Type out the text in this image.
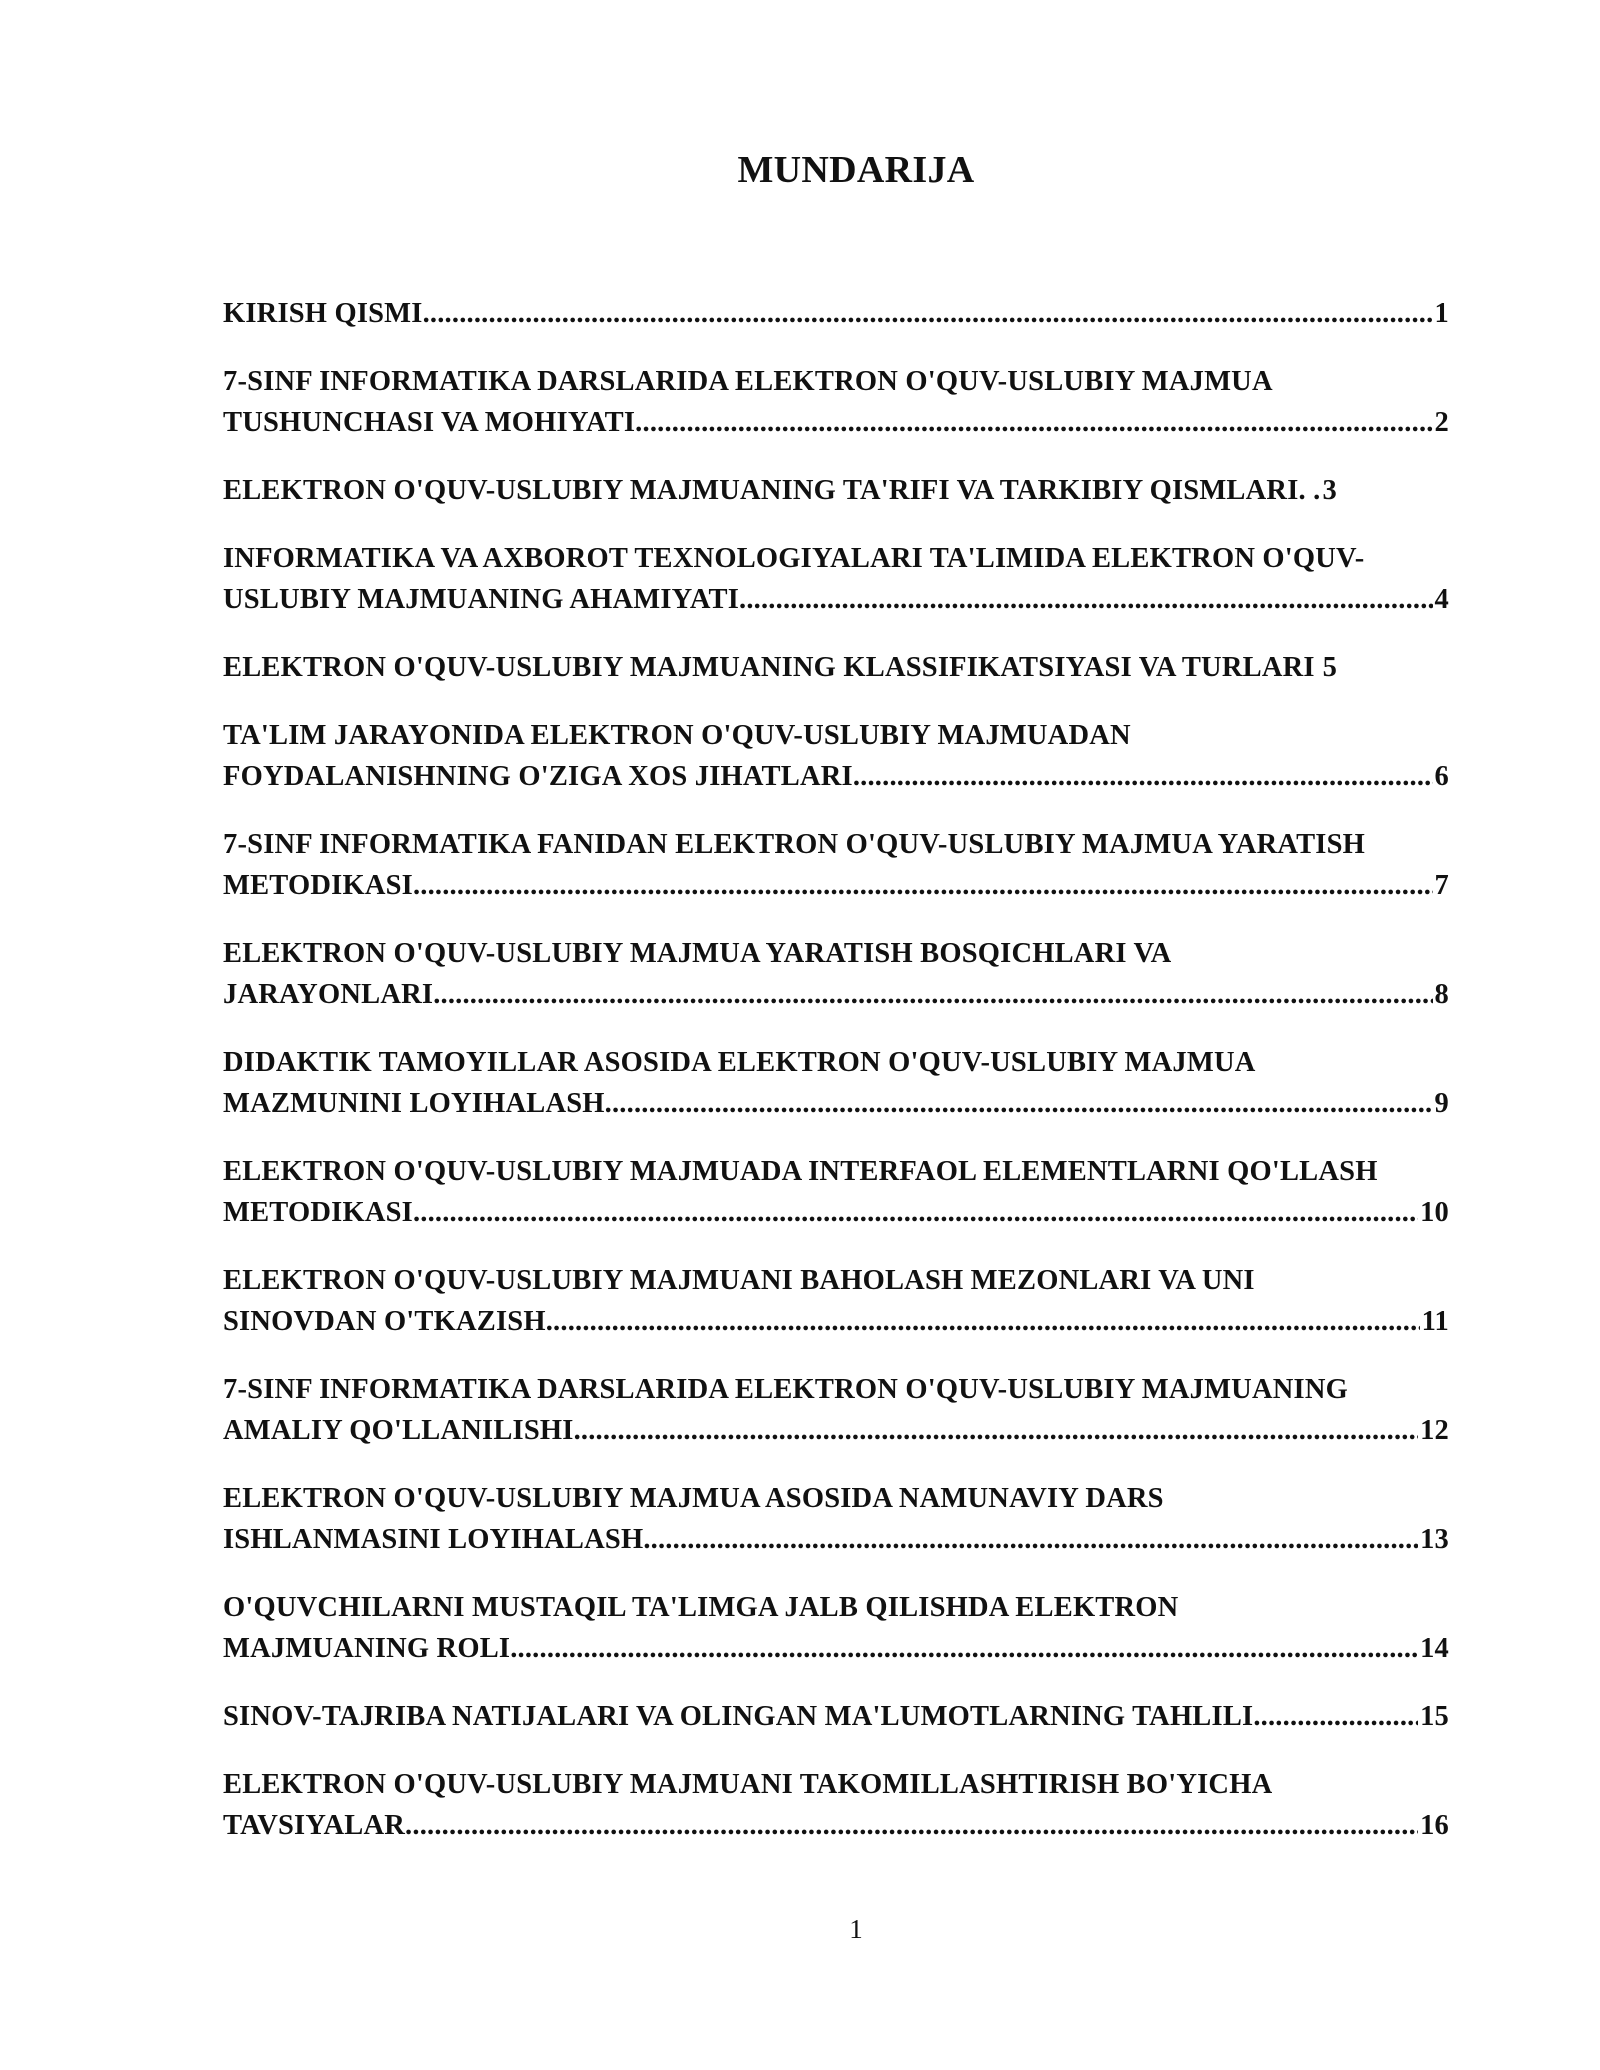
MUNDARIJA
KIRISH QISMI .....	1
7-SINF INFORMATIKA DARSLARIDA ELEKTRON O'QUV-USLUBIY MAJMUA
TUSHUNCHASI VA MOHIYATI .....	2
ELEKTRON O'QUV-USLUBIY MAJMUANING TA'RIFI VA TARKIBIY QISMLARI. . 3
INFORMATIKA VA AXBOROT TEXNOLOGIYALARI TA'LIMIDA ELEKTRON O'QUV-
USLUBIY MAJMUANING AHAMIYATI .....	4
ELEKTRON O'QUV-USLUBIY MAJMUANING KLASSIFIKATSIYASI VA TURLARI 5
TA'LIM JARAYONIDA ELEKTRON O'QUV-USLUBIY MAJMUADAN
FOYDALANISHNING O'ZIGA XOS JIHATLARI .....	6
7-SINF INFORMATIKA FANIDAN ELEKTRON O'QUV-USLUBIY MAJMUA YARATISH
METODIKASI .....	7
ELEKTRON O'QUV-USLUBIY MAJMUA YARATISH BOSQICHLARI VA
JARAYONLARI .....	8
DIDAKTIK TAMOYILLAR ASOSIDA ELEKTRON O'QUV-USLUBIY MAJMUA
MAZMUNINI LOYIHALASH .....	9
ELEKTRON O'QUV-USLUBIY MAJMUADA INTERFAOL ELEMENTLARNI QO'LLASH
METODIKASI .....	10
ELEKTRON O'QUV-USLUBIY MAJMUANI BAHOLASH MEZONLARI VA UNI
SINOVDAN O'TKAZISH .....	11
7-SINF INFORMATIKA DARSLARIDA ELEKTRON O'QUV-USLUBIY MAJMUANING
AMALIY QO'LLANILISHI .....	12
ELEKTRON O'QUV-USLUBIY MAJMUA ASOSIDA NAMUNAVIY DARS
ISHLANMASINI LOYIHALASH .....	13
O'QUVCHILARNI MUSTAQIL TA'LIMGA JALB QILISHDA ELEKTRON
MAJMUANING ROLI .....	14
SINOV-TAJRIBA NATIJALARI VA OLINGAN MA'LUMOTLARNING TAHLILI .....	15
ELEKTRON O'QUV-USLUBIY MAJMUANI TAKOMILLASHTIRISH BO'YICHA
TAVSIYALAR .....	16
1
